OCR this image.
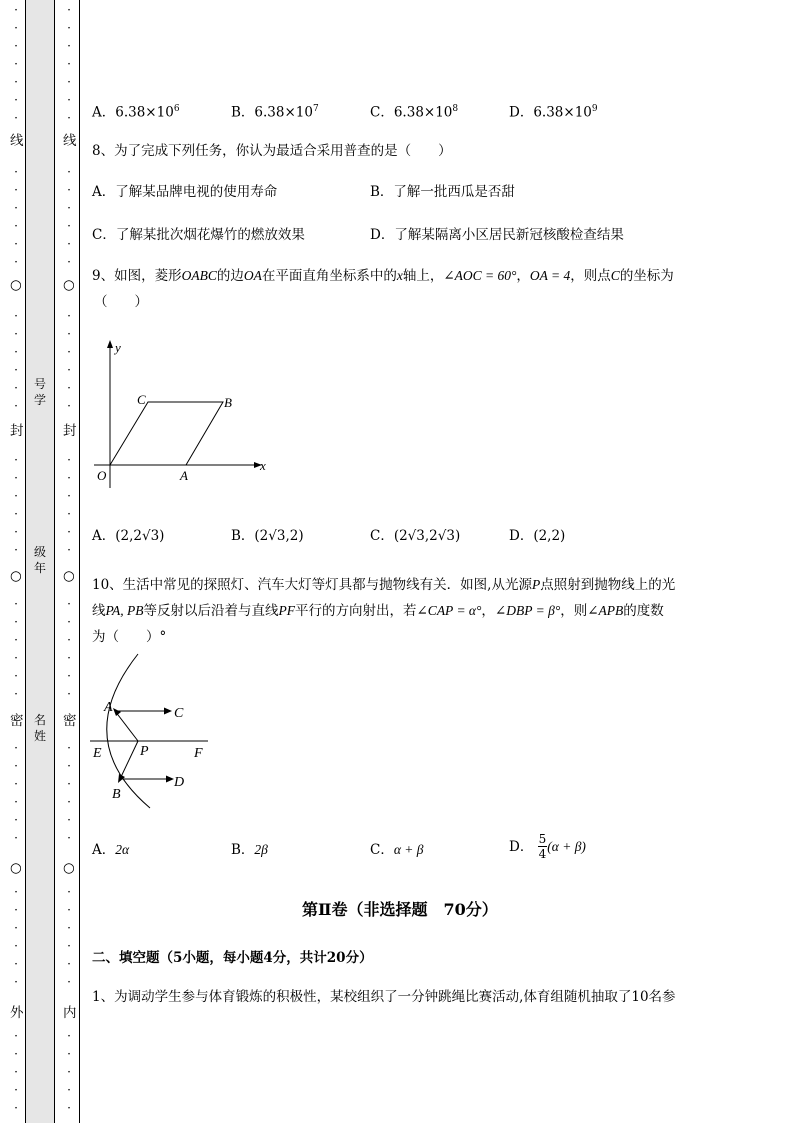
·
·
·
·
·
·
·
·
·
·
·
·
·
·
·
·
·
·
·
·
·
·
·
·
·
·
·
·
·
·
·
·
·
·
·
·
·
·
·
·
·
·
·
·
·
·
·
·
·
·
·
·
·
·
·
·
·
·
·
·
·
·
·
·
·
·
·
·
·
·
·
·
·
·
·
·
·
·
·
·
·
·
·
·
·
·
·
·
·
·
·
·
·
·
·
·
线
封
密
外
○
○
○
线
封
密
内
○
○
○
号
学
级
年
名
姓
A．$6.38\times 10^6$	B．$6.38\times 10^7$	C．$6.38\times 10^8$	D．$6.38\times 10^9$
8、为了完成下列任务，你认为最适合采用普查的是（　　）
A．了解某品牌电视的使用寿命	B．了解一批西瓜是否甜
C．了解某批次烟花爆竹的燃放效果	D．了解某隔离小区居民新冠核酸检查结果
9、如图，菱形OABC的边OA在平面直角坐标系中的x轴上，∠AOC = 60°，OA = 4，则点C的坐标为
（　　）
y
x
O	A
B
C
A．(2,2√3)	B．(2√3,2)	C．(2√3,2√3)	D．(2,2)
10、生活中常见的探照灯、汽车大灯等灯具都与抛物线有关．如图,从光源P点照射到抛物线上的光
线PA, PB等反射以后沿着与直线PF平行的方向射出，若∠CAP = α°，∠DBP = β°，则∠APB的度数
为（　　）°
A	C
E	P	F
D
B
A．2α	B．2β	C．α + β	D． $\frac{5}{4} (\alpha + \beta)$
第Ⅱ卷（非选择题　70分）
二、填空题（5小题，每小题4分，共计20分）
1、为调动学生参与体育锻炼的积极性，某校组织了一分钟跳绳比赛活动,体育组随机抽取了10名参
